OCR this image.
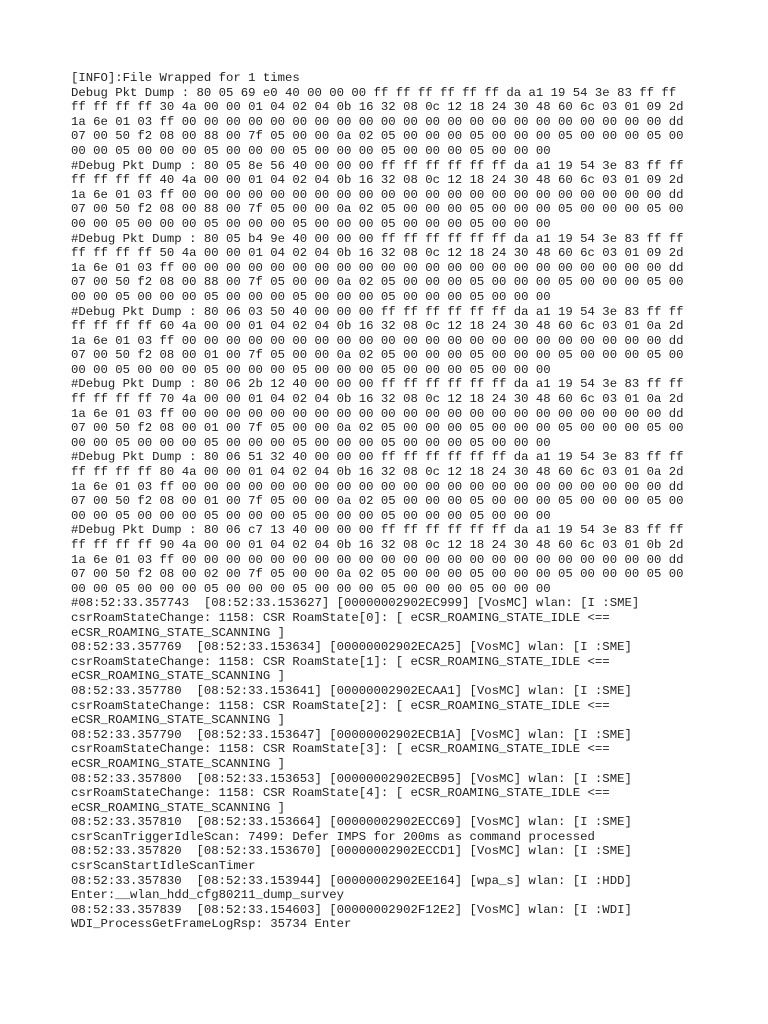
[INFO]:File Wrapped for 1 times
Debug Pkt Dump : 80 05 69 e0 40 00 00 00 ff ff ff ff ff ff da a1 19 54 3e 83 ff ff
ff ff ff ff 30 4a 00 00 01 04 02 04 0b 16 32 08 0c 12 18 24 30 48 60 6c 03 01 09 2d
1a 6e 01 03 ff 00 00 00 00 00 00 00 00 00 00 00 00 00 00 00 00 00 00 00 00 00 00 dd
07 00 50 f2 08 00 88 00 7f 05 00 00 0a 02 05 00 00 00 05 00 00 00 05 00 00 00 05 00
00 00 05 00 00 00 05 00 00 00 05 00 00 00 05 00 00 00 05 00 00 00
#Debug Pkt Dump : 80 05 8e 56 40 00 00 00 ff ff ff ff ff ff da a1 19 54 3e 83 ff ff
ff ff ff ff 40 4a 00 00 01 04 02 04 0b 16 32 08 0c 12 18 24 30 48 60 6c 03 01 09 2d
1a 6e 01 03 ff 00 00 00 00 00 00 00 00 00 00 00 00 00 00 00 00 00 00 00 00 00 00 dd
07 00 50 f2 08 00 88 00 7f 05 00 00 0a 02 05 00 00 00 05 00 00 00 05 00 00 00 05 00
00 00 05 00 00 00 05 00 00 00 05 00 00 00 05 00 00 00 05 00 00 00
#Debug Pkt Dump : 80 05 b4 9e 40 00 00 00 ff ff ff ff ff ff da a1 19 54 3e 83 ff ff
ff ff ff ff 50 4a 00 00 01 04 02 04 0b 16 32 08 0c 12 18 24 30 48 60 6c 03 01 09 2d
1a 6e 01 03 ff 00 00 00 00 00 00 00 00 00 00 00 00 00 00 00 00 00 00 00 00 00 00 dd
07 00 50 f2 08 00 88 00 7f 05 00 00 0a 02 05 00 00 00 05 00 00 00 05 00 00 00 05 00
00 00 05 00 00 00 05 00 00 00 05 00 00 00 05 00 00 00 05 00 00 00
#Debug Pkt Dump : 80 06 03 50 40 00 00 00 ff ff ff ff ff ff da a1 19 54 3e 83 ff ff
ff ff ff ff 60 4a 00 00 01 04 02 04 0b 16 32 08 0c 12 18 24 30 48 60 6c 03 01 0a 2d
1a 6e 01 03 ff 00 00 00 00 00 00 00 00 00 00 00 00 00 00 00 00 00 00 00 00 00 00 dd
07 00 50 f2 08 00 01 00 7f 05 00 00 0a 02 05 00 00 00 05 00 00 00 05 00 00 00 05 00
00 00 05 00 00 00 05 00 00 00 05 00 00 00 05 00 00 00 05 00 00 00
#Debug Pkt Dump : 80 06 2b 12 40 00 00 00 ff ff ff ff ff ff da a1 19 54 3e 83 ff ff
ff ff ff ff 70 4a 00 00 01 04 02 04 0b 16 32 08 0c 12 18 24 30 48 60 6c 03 01 0a 2d
1a 6e 01 03 ff 00 00 00 00 00 00 00 00 00 00 00 00 00 00 00 00 00 00 00 00 00 00 dd
07 00 50 f2 08 00 01 00 7f 05 00 00 0a 02 05 00 00 00 05 00 00 00 05 00 00 00 05 00
00 00 05 00 00 00 05 00 00 00 05 00 00 00 05 00 00 00 05 00 00 00
#Debug Pkt Dump : 80 06 51 32 40 00 00 00 ff ff ff ff ff ff da a1 19 54 3e 83 ff ff
ff ff ff ff 80 4a 00 00 01 04 02 04 0b 16 32 08 0c 12 18 24 30 48 60 6c 03 01 0a 2d
1a 6e 01 03 ff 00 00 00 00 00 00 00 00 00 00 00 00 00 00 00 00 00 00 00 00 00 00 dd
07 00 50 f2 08 00 01 00 7f 05 00 00 0a 02 05 00 00 00 05 00 00 00 05 00 00 00 05 00
00 00 05 00 00 00 05 00 00 00 05 00 00 00 05 00 00 00 05 00 00 00
#Debug Pkt Dump : 80 06 c7 13 40 00 00 00 ff ff ff ff ff ff da a1 19 54 3e 83 ff ff
ff ff ff ff 90 4a 00 00 01 04 02 04 0b 16 32 08 0c 12 18 24 30 48 60 6c 03 01 0b 2d
1a 6e 01 03 ff 00 00 00 00 00 00 00 00 00 00 00 00 00 00 00 00 00 00 00 00 00 00 dd
07 00 50 f2 08 00 02 00 7f 05 00 00 0a 02 05 00 00 00 05 00 00 00 05 00 00 00 05 00
00 00 05 00 00 00 05 00 00 00 05 00 00 00 05 00 00 00 05 00 00 00
#08:52:33.357743  [08:52:33.153627] [00000002902EC999] [VosMC] wlan: [I :SME]
csrRoamStateChange: 1158: CSR RoamState[0]: [ eCSR_ROAMING_STATE_IDLE <==
eCSR_ROAMING_STATE_SCANNING ]
08:52:33.357769  [08:52:33.153634] [00000002902ECA25] [VosMC] wlan: [I :SME]
csrRoamStateChange: 1158: CSR RoamState[1]: [ eCSR_ROAMING_STATE_IDLE <==
eCSR_ROAMING_STATE_SCANNING ]
08:52:33.357780  [08:52:33.153641] [00000002902ECAA1] [VosMC] wlan: [I :SME]
csrRoamStateChange: 1158: CSR RoamState[2]: [ eCSR_ROAMING_STATE_IDLE <==
eCSR_ROAMING_STATE_SCANNING ]
08:52:33.357790  [08:52:33.153647] [00000002902ECB1A] [VosMC] wlan: [I :SME]
csrRoamStateChange: 1158: CSR RoamState[3]: [ eCSR_ROAMING_STATE_IDLE <==
eCSR_ROAMING_STATE_SCANNING ]
08:52:33.357800  [08:52:33.153653] [00000002902ECB95] [VosMC] wlan: [I :SME]
csrRoamStateChange: 1158: CSR RoamState[4]: [ eCSR_ROAMING_STATE_IDLE <==
eCSR_ROAMING_STATE_SCANNING ]
08:52:33.357810  [08:52:33.153664] [00000002902ECC69] [VosMC] wlan: [I :SME]
csrScanTriggerIdleScan: 7499: Defer IMPS for 200ms as command processed
08:52:33.357820  [08:52:33.153670] [00000002902ECCD1] [VosMC] wlan: [I :SME]
csrScanStartIdleScanTimer
08:52:33.357830  [08:52:33.153944] [00000002902EE164] [wpa_s] wlan: [I :HDD]
Enter:__wlan_hdd_cfg80211_dump_survey
08:52:33.357839  [08:52:33.154603] [00000002902F12E2] [VosMC] wlan: [I :WDI]
WDI_ProcessGetFrameLogRsp: 35734 Enter
